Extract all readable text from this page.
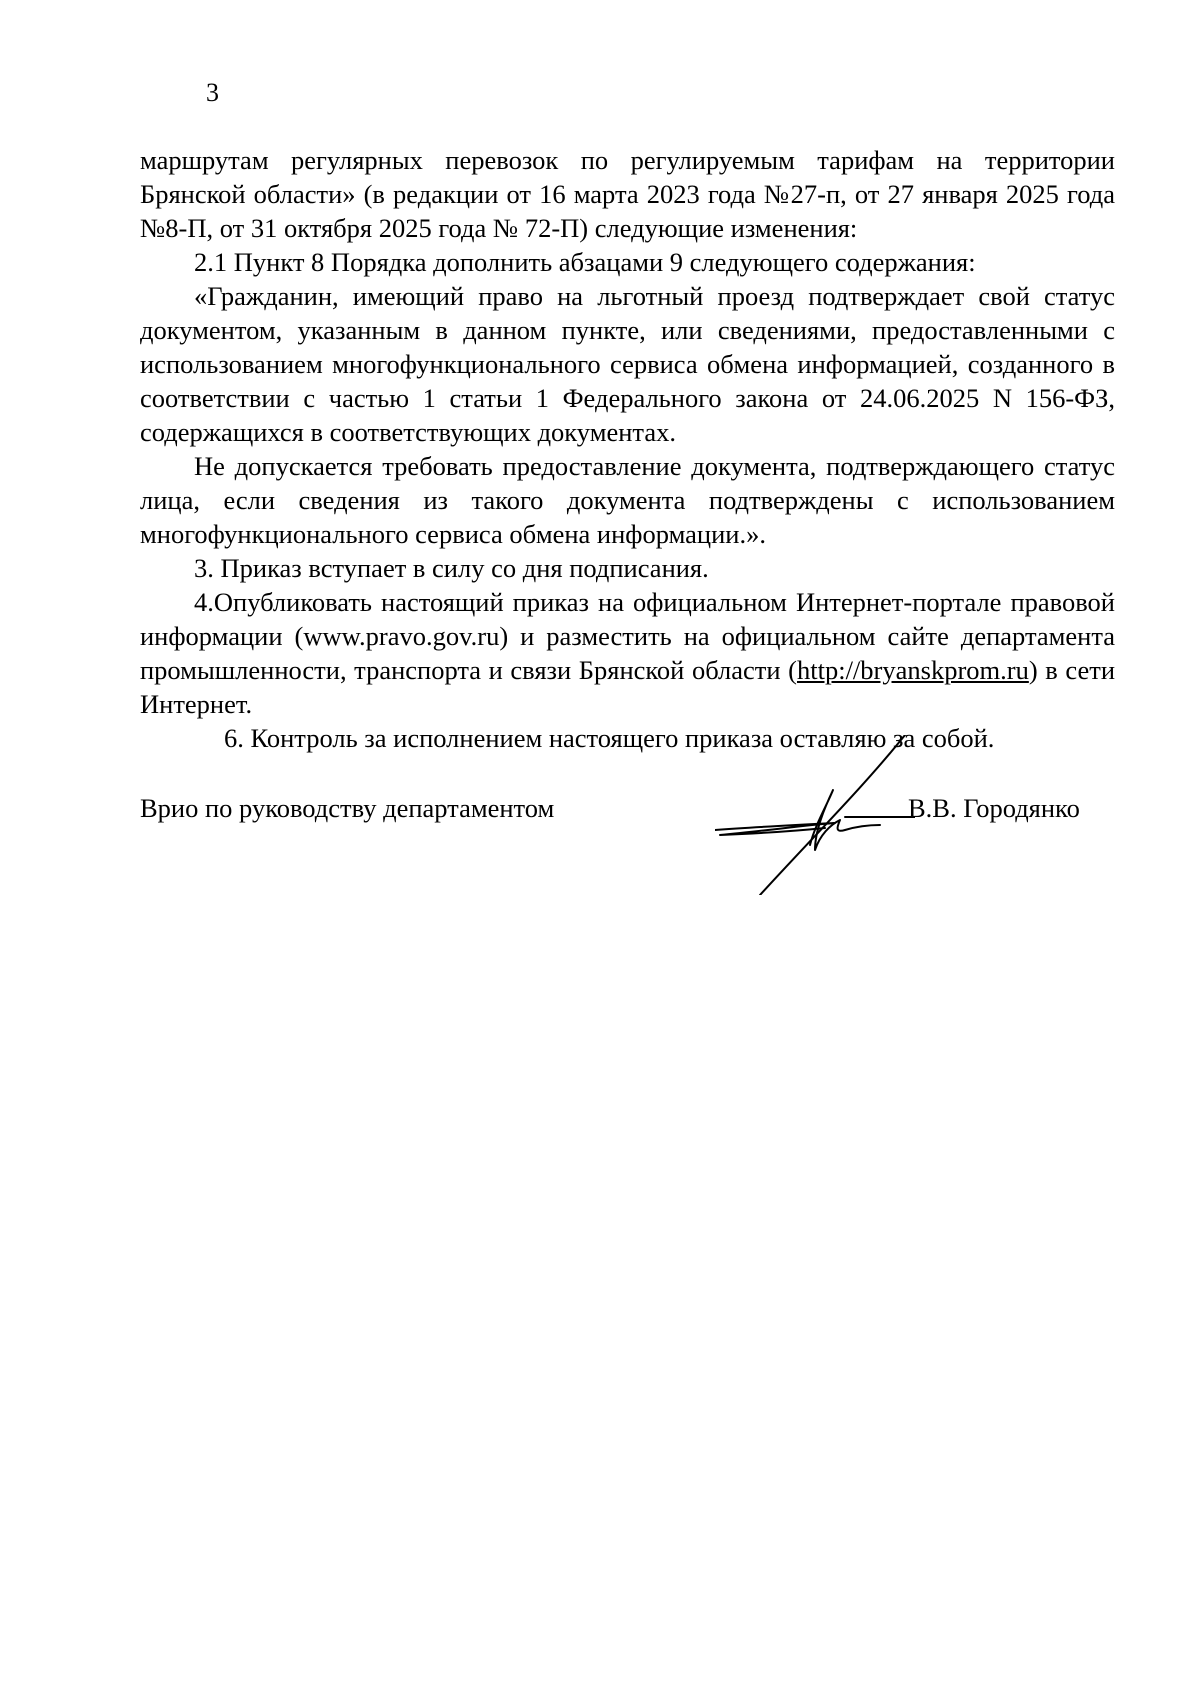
3

маршрутам регулярных перевозок по регулируемым тарифам на территории Брянской области» (в редакции от 16 марта 2023 года №27-п, от 27 января 2025 года №8-П, от 31 октября 2025 года № 72-П) следующие изменения:

2.1 Пункт 8 Порядка дополнить абзацами 9 следующего содержания:

«Гражданин, имеющий право на льготный проезд подтверждает свой статус документом, указанным в данном пункте, или сведениями, предоставленными с использованием многофункционального сервиса обмена информацией, созданного в соответствии с частью 1 статьи 1 Федерального закона от 24.06.2025 N 156-ФЗ, содержащихся в соответствующих документах.

Не допускается требовать предоставление документа, подтверждающего статус лица, если сведения из такого документа подтверждены с использованием многофункционального сервиса обмена информации.».

3. Приказ вступает в силу со дня подписания.

4.Опубликовать настоящий приказ на официальном Интернет-портале правовой информации (www.pravo.gov.ru) и разместить на официальном сайте департамента промышленности, транспорта и связи Брянской области (http://bryanskprom.ru) в сети Интернет.

6. Контроль за исполнением настоящего приказа оставляю за собой.

Врио по руководству департаментом	В.В. Городянко
